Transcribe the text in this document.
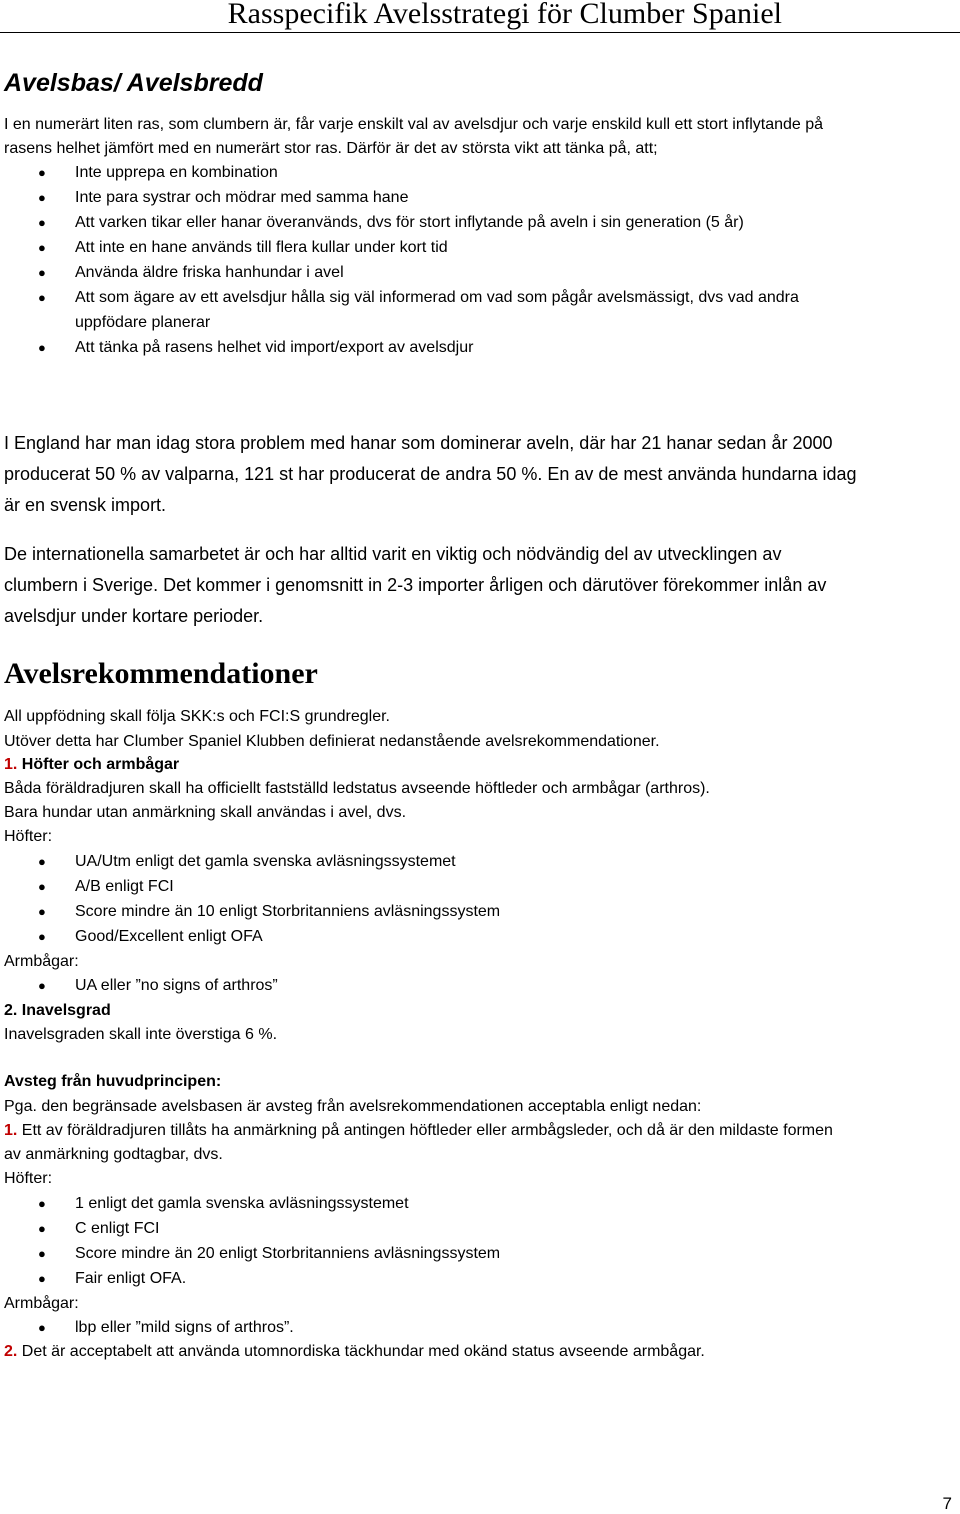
Rasspecifik Avelsstrategi för Clumber Spaniel
Avelsbas/ Avelsbredd
I en numerärt liten ras, som clumbern är, får varje enskilt val av avelsdjur och varje enskild kull ett stort inflytande på
rasens helhet jämfört med en numerärt stor ras. Därför är det av största vikt att tänka på, att;
● Inte upprepa en kombination
● Inte para systrar och mödrar med samma hane
● Att varken tikar eller hanar överanvänds, dvs för stort inflytande på aveln i sin generation (5 år)
● Att inte en hane används till flera kullar under kort tid
● Använda äldre friska hanhundar i avel
● Att som ägare av ett avelsdjur hålla sig väl informerad om vad som pågår avelsmässigt, dvs vad andra
uppfödare planerar
● Att tänka på rasens helhet vid import/export av avelsdjur
I England har man idag stora problem med hanar som dominerar aveln, där har 21 hanar sedan år 2000
producerat 50 % av valparna, 121 st har producerat de andra 50 %. En av de mest använda hundarna idag
är en svensk import.
De internationella samarbetet är och har alltid varit en viktig och nödvändig del av utvecklingen av
clumbern i Sverige. Det kommer i genomsnitt in 2-3 importer årligen och därutöver förekommer inlån av
avelsdjur under kortare perioder.
Avelsrekommendationer
All uppfödning skall följa SKK:s och FCI:S grundregler.
Utöver detta har Clumber Spaniel Klubben definierat nedanstående avelsrekommendationer.
1. Höfter och armbågar
Båda föräldradjuren skall ha officiellt fastställd ledstatus avseende höftleder och armbågar (arthros).
Bara hundar utan anmärkning skall användas i avel, dvs.
Höfter:
● UA/Utm enligt det gamla svenska avläsningssystemet
● A/B enligt FCI
● Score mindre än 10 enligt Storbritanniens avläsningssystem
● Good/Excellent enligt OFA
Armbågar:
● UA eller ”no signs of arthros”
2. Inavelsgrad
Inavelsgraden skall inte överstiga 6 %.
Avsteg från huvudprincipen:
Pga. den begränsade avelsbasen är avsteg från avelsrekommendationen acceptabla enligt nedan:
1. Ett av föräldradjuren tillåts ha anmärkning på antingen höftleder eller armbågsleder, och då är den mildaste formen
av anmärkning godtagbar, dvs.
Höfter:
● 1 enligt det gamla svenska avläsningssystemet
● C enligt FCI
● Score mindre än 20 enligt Storbritanniens avläsningssystem
● Fair enligt OFA.
Armbågar:
● lbp eller ”mild signs of arthros”.
2. Det är acceptabelt att använda utomnordiska täckhundar med okänd status avseende armbågar.
7
